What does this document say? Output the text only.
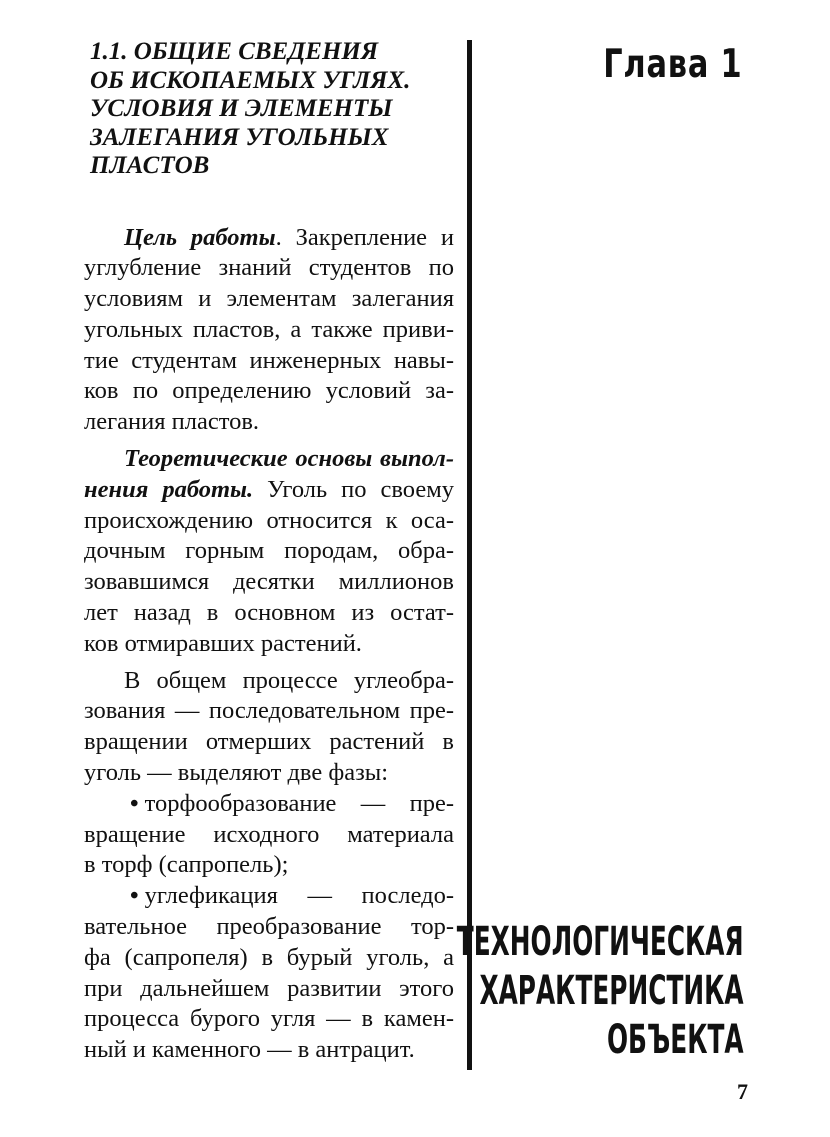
1.1. ОБЩИЕ СВЕДЕНИЯ
ОБ ИСКОПАЕМЫХ УГЛЯХ.
УСЛОВИЯ И ЭЛЕМЕНТЫ
ЗАЛЕГАНИЯ УГОЛЬНЫХ
ПЛАСТОВ
Цель работы. Закрепление и
углубление знаний студентов по
условиям и элементам залегания
угольных пластов, а также приви-
тие студентам инженерных навы-
ков по определению условий за-
легания пластов.
Теоретические основы выпол-
нения работы. Уголь по своему
происхождению относится к оса-
дочным горным породам, обра-
зовавшимся десятки миллионов
лет назад в основном из остат-
ков отмиравших растений.
В общем процессе углеобра-
зования — последовательном пре-
вращении отмерших растений в
уголь — выделяют две фазы:
• торфообразование — пре-
вращение исходного материала
в торф (сапропель);
• углефикация — последо-
вательное преобразование тор-
фа (сапропеля) в бурый уголь, а
при дальнейшем развитии этого
процесса бурого угля — в камен-
ный и каменного — в антрацит.
Глава 1
ТЕХНОЛОГИЧЕСКАЯ
ХАРАКТЕРИСТИКА
ОБЪЕКТА
7
